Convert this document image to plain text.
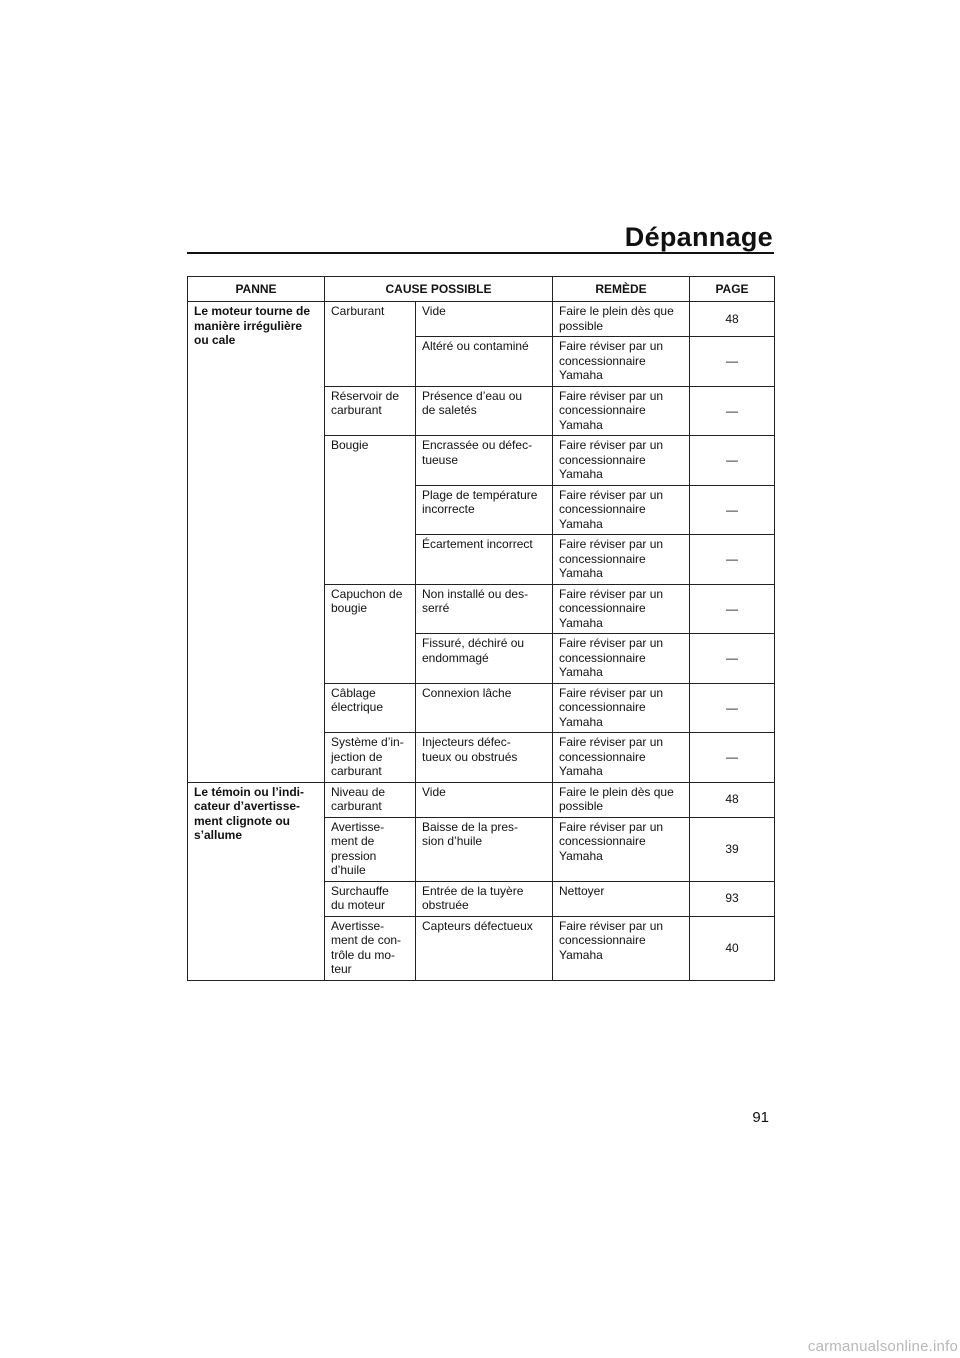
Dépannage
PANNE	CAUSE POSSIBLE		REMÈDE	PAGE

Le moteur tourne de
manière irrégulière
ou cale	Carburant	Vide	Faire le plein dès que
possible	48

		Altéré ou contaminé	Faire réviser par un
concessionnaire
Yamaha	—

	Réservoir de
carburant	Présence d’eau ou
de saletés	Faire réviser par un
concessionnaire
Yamaha	—

	Bougie	Encrassée ou défec-
tueuse	Faire réviser par un
concessionnaire
Yamaha	—

		Plage de température
incorrecte	Faire réviser par un
concessionnaire
Yamaha	—

		Écartement incorrect	Faire réviser par un
concessionnaire
Yamaha	—

	Capuchon de
bougie	Non installé ou des-
serré	Faire réviser par un
concessionnaire
Yamaha	—

		Fissuré, déchiré ou
endommagé	Faire réviser par un
concessionnaire
Yamaha	—

	Câblage
électrique	Connexion lâche	Faire réviser par un
concessionnaire
Yamaha	—

	Système d’in-
jection de
carburant	Injecteurs défec-
tueux ou obstrués	Faire réviser par un
concessionnaire
Yamaha	—

Le témoin ou l’indi-
cateur d’avertisse-
ment clignote ou
s’allume	Niveau de
carburant	Vide	Faire le plein dès que
possible	48

	Avertisse-
ment de
pression
d’huile	Baisse de la pres-
sion d’huile	Faire réviser par un
concessionnaire
Yamaha	39

	Surchauffe
du moteur	Entrée de la tuyère
obstruée	Nettoyer	93

	Avertisse-
ment de con-
trôle du mo-
teur	Capteurs défectueux	Faire réviser par un
concessionnaire
Yamaha	40
91
carmanualsonline.info
